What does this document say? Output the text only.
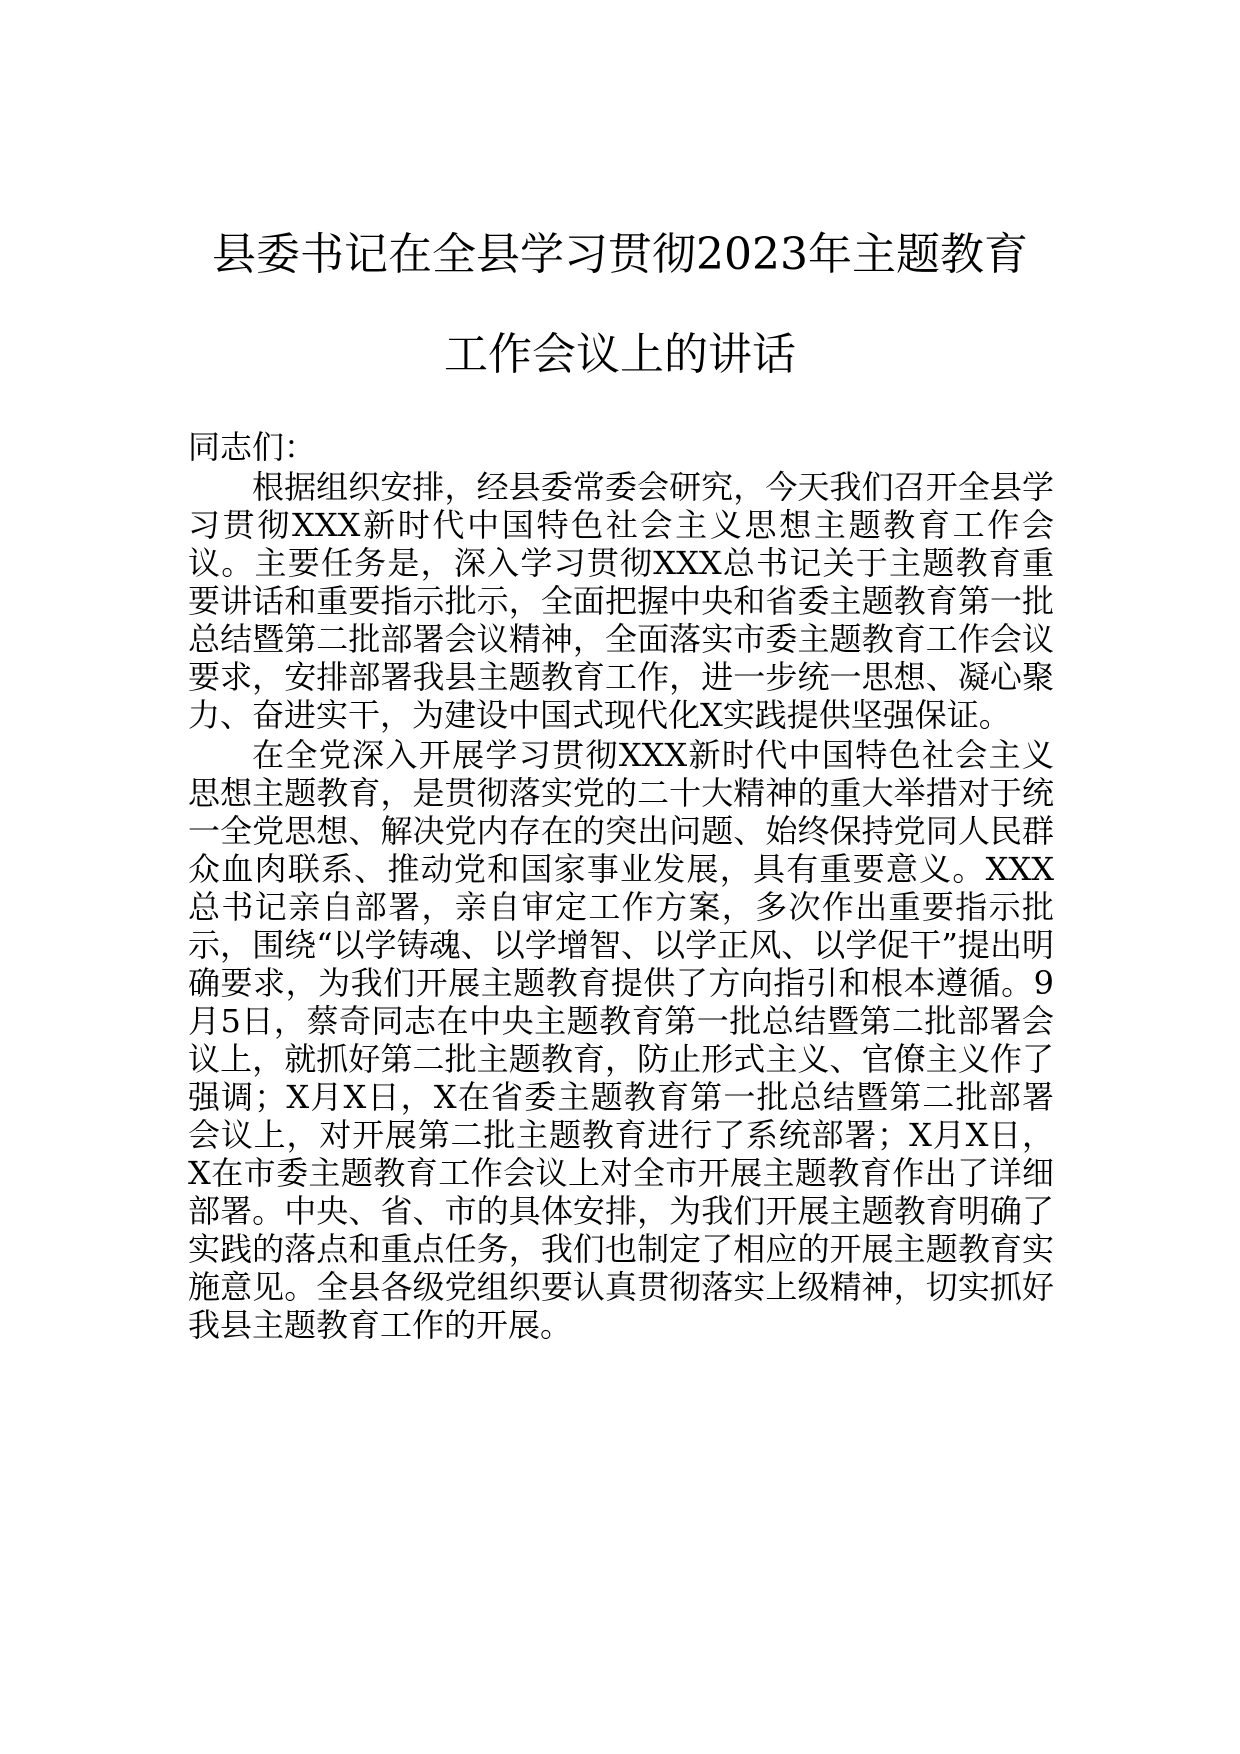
县委书记在全县学习贯彻2023年主题教育
工作会议上的讲话

同志们：

根据组织安排，经县委常委会研究，今天我们召开全县学习贯彻XXX新时代中国特色社会主义思想主题教育工作会议。主要任务是，深入学习贯彻XXX总书记关于主题教育重要讲话和重要指示批示，全面把握中央和省委主题教育第一批总结暨第二批部署会议精神，全面落实市委主题教育工作会议要求，安排部署我县主题教育工作，进一步统一思想、凝心聚力、奋进实干，为建设中国式现代化X实践提供坚强保证。

在全党深入开展学习贯彻XXX新时代中国特色社会主义思想主题教育，是贯彻落实党的二十大精神的重大举措对于统一全党思想、解决党内存在的突出问题、始终保持党同人民群众血肉联系、推动党和国家事业发展，具有重要意义。XXX总书记亲自部署，亲自审定工作方案，多次作出重要指示批示，围绕“以学铸魂、以学增智、以学正风、以学促干”提出明确要求，为我们开展主题教育提供了方向指引和根本遵循。9月5日，蔡奇同志在中央主题教育第一批总结暨第二批部署会议上，就抓好第二批主题教育，防止形式主义、官僚主义作了强调；X月X日，X在省委主题教育第一批总结暨第二批部署会议上，对开展第二批主题教育进行了系统部署；X月X日，X在市委主题教育工作会议上对全市开展主题教育作出了详细部署。中央、省、市的具体安排，为我们开展主题教育明确了实践的落点和重点任务，我们也制定了相应的开展主题教育实施意见。全县各级党组织要认真贯彻落实上级精神，切实抓好我县主题教育工作的开展。
